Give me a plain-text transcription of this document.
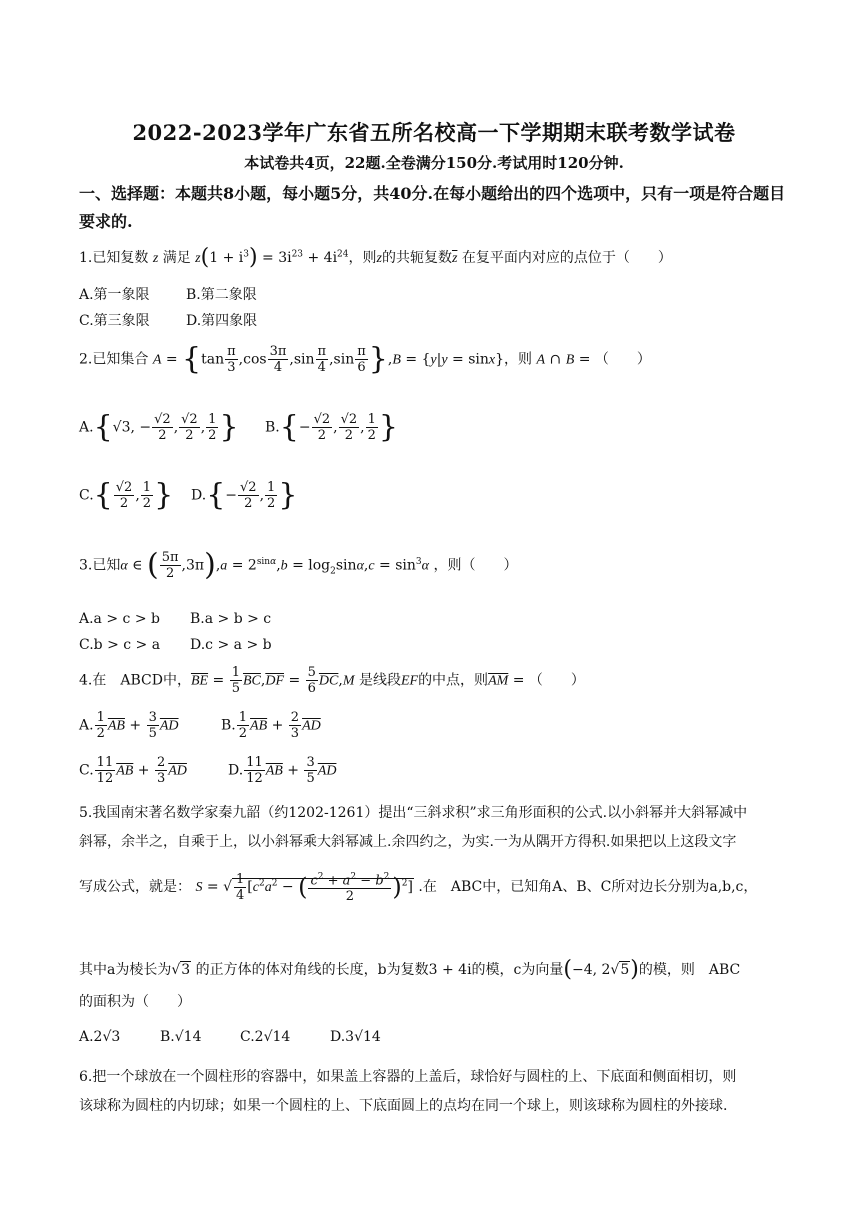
2022-2023学年广东省五所名校高一下学期期末联考数学试卷
本试卷共4页，22题.全卷满分150分.考试用时120分钟.
一、选择题：本题共8小题，每小题5分，共40分.在每小题给出的四个选项中，只有一项是符合题目要求的.
1.已知复数 z 满足 $z(1 + i^3) = 3i^{23} + 4i^{24}$，则z的共轭复数$\overline{z}$ 在复平面内对应的点位于（　　）
A.第一象限	B.第二象限
C.第三象限	D.第四象限
2.已知集合 $A = \{\tan \frac{\pi}{3} ,\cos \frac{3\pi}{4} ,\sin \frac{\pi}{4} ,\sin \frac{\pi}{6} \},B = \{y|y = \sin x\}$，则 A ∩ B = （　　）
A.{√3, − $\frac{√2}{2}$ , $\frac{√2}{2}$ , $\frac{1}{2}$ } $B.\{- \frac{√2}{2}$ , $\frac{√2}{2}$ , $\frac{1}{2}$ }
$C.\{ \frac{√2}{2}$ , $\frac{1}{2}$ } $D.\{- \frac{√2}{2}$ , $\frac{1}{2}$ }
3.已知α ∈ ( $\frac{5\pi}{2} ,3\pi),a = 2^{sin\alpha},b = \log_2\sin\alpha,c = \sin^3\alpha$ ，则（　　）
A.a > c > b B.a > b > c
C.b > c > a D.c > a > b
4.在　ABCD中，$\overline{BE} = \frac{1}{5} \overline{BC},\overline{DF} = \frac{5}{6} \overline{DC},M$ 是线段EF的中点，则$\overline{AM}$ = （　　）
A. $\frac{1}{2} \overline{AB} + \frac{3}{5} \overline{AD}$	B. $\frac{1}{2} \overline{AB} + \frac{2}{3} \overline{AD}$
C. $\frac{11}{12} \overline{AB} + \frac{2}{3} \overline{AD}$	D. $\frac{11}{12} \overline{AB} + \frac{3}{5} \overline{AD}$
5.我国南宋著名数学家秦九韶（约1202-1261）提出“三斜求积”求三角形面积的公式.以小斜幂并大斜幂减中
斜幂，余半之，自乘于上，以小斜幂乘大斜幂减上.余四约之，为实.一为从隅开方得积.如果把以上这段文字
写成公式，就是： S = √ $\frac{1}{4} [c^2a^2$ − ( $\frac{c^2 + a^2 - b^2}{2} )^2$] .在　ABC中，已知角A、B、C所对边长分别为a,b,c，
其中a为棱长为√3 的正方体的体对角线的长度，b为复数3 + 4i的模，c为向量(−4, 2√5)的模，则　ABC
的面积为（　　）
A.2√3	B.√14	C.2√14	D.3√14
6.把一个球放在一个圆柱形的容器中，如果盖上容器的上盖后，球恰好与圆柱的上、下底面和侧面相切，则
该球称为圆柱的内切球；如果一个圆柱的上、下底面圆上的点均在同一个球上，则该球称为圆柱的外接球.
